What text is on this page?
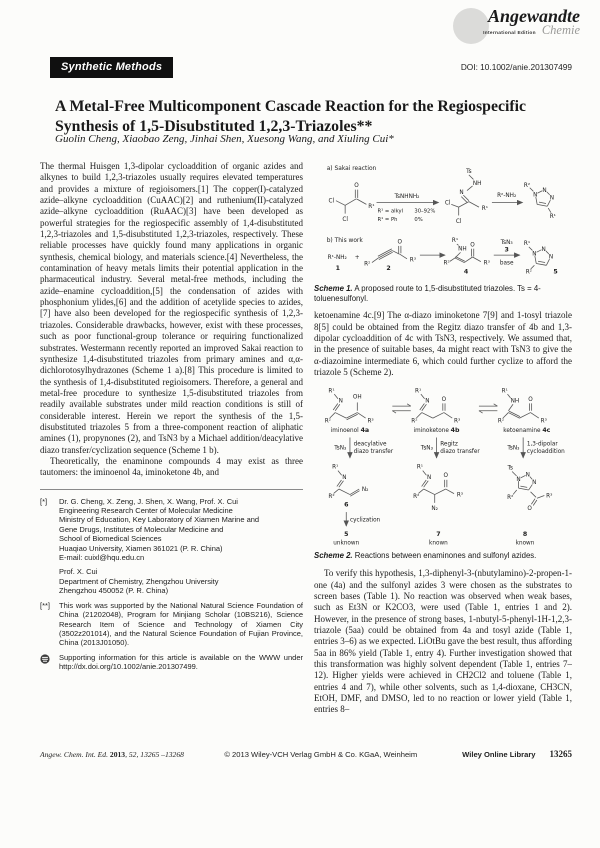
Angewandte
International Edition Chemie
Synthetic Methods	DOI: 10.1002/anie.201307499
A Metal-Free Multicomponent Cascade Reaction for the Regiospecific
Synthesis of 1,5-Disubstituted 1,2,3-Triazoles**
Guolin Cheng, Xiaobao Zeng, Jinhai Shen, Xuesong Wang, and Xiuling Cui*

The thermal Huisgen 1,3-dipolar cycloaddition of organic azides and alkynes to build 1,2,3-triazoles usually requires elevated temperatures and provides a mixture of regioisomers.[1] The copper(I)-catalyzed azide–alkyne cycloaddition (CuAAC)[2] and ruthenium(II)-catalyzed azide–alkyne cycloaddition (RuAAC)[3] have been developed as powerful strategies for the regiospecific assembly of 1,4-disubstituted 1,2,3-triazoles and 1,5-disubstituted 1,2,3-triazoles, respectively. These reliable processes have quickly found many applications in organic synthesis, chemical biology, and materials science.[4] Nevertheless, the contamination of heavy metals limits their potential application in the pharmaceutical industry. Several metal-free methods, including the azide–enamine cycloaddition,[5] the condensation of azides with phosphonium ylides,[6] and the addition of acetylide species to azides,[7] have also been developed for the regiospecific synthesis of 1,2,3-triazoles. Considerable drawbacks, however, exist with these processes, such as poor functional-group tolerance or requiring functionalized substrates. Westermann recently reported an improved Sakai reaction to synthesize 1,4-disubstituted triazoles from primary amines and α,α-dichlorotosylhydrazones (Scheme 1 a).[8] This procedure is limited to the synthesis of 1,4-disubstituted regioisomers. Therefore, a general and metal-free procedure to synthesize 1,5-disubstituted triazoles from readily available substrates under mild reaction conditions is still of considerable interest. Herein we report the synthesis of the 1,5-disubstituted triazoles 5 from a three-component reaction of aliphatic amines (1), propynones (2), and TsN3 by a Michael addition/deacylative diazo transfer/cyclization sequence (Scheme 1 b).

Theoretically, the enaminone compounds 4 may exist as three tautomers: the iminoenol 4a, iminoketone 4b, and

[*]	Dr. G. Cheng, X. Zeng, J. Shen, X. Wang, Prof. X. Cui
Engineering Research Center of Molecular Medicine
Ministry of Education, Key Laboratory of Xiamen Marine and
Gene Drugs, Institutes of Molecular Medicine and
School of Biomedical Sciences
Huaqiao University, Xiamen 361021 (P. R. China)
E-mail: cuixl@hqu.edu.cn
Prof. X. Cui
Department of Chemistry, Zhengzhou University
Zhengzhou 450052 (P. R. China)
[**]	This work was supported by the National Natural Science Foundation of China (21202048), Program for Minjiang Scholar (10BS216), Science Research Item of Science and Technology of Xiamen City (3502z201014), and the Natural Science Foundation of Fujian Province, China (2013J01050).
Supporting information for this article is available on the WWW under http://dx.doi.org/10.1002/anie.201307499.
a) Sakai reaction
Cl
Cl
O
R¹
TsNHNH₂
R¹ = alkyl 30–92%
R¹ = Ph	0%
Ts
NH
N
Cl
Cl
R¹
R²-NH₂	N
N
N
R²
R¹
b) This work
R¹-NH₂
1
+
R²
O
R³
2
R¹
NH
R²
O
R³
4
TsN₃
3
base
N
N
N
R¹
R²	5
Scheme 1. A proposed route to 1,5-disubstituted triazoles. Ts = 4-toluenesulfonyl.

ketoenamine 4c.[9] The α-diazo iminoketone 7[9] and 1-tosyl triazole 8[5] could be obtained from the Regitz diazo transfer of 4b and 1,3-dipolar cycloaddition of 4c with TsN3, respectively. We assumed that, in the presence of suitable bases, 4a might react with TsN3 to give the α-diazoimine intermediate 6, which could further cyclize to afford the triazole 5 (Scheme 2).

R¹
N
OH
R²	R³
iminoenol 4a
R¹
N O
R²	R³
iminoketone 4b
R¹
NH O
R²	R³
ketoenamine 4c
TsN₃
deacylative
diazo transfer
TsN₃
Regitz
diazo transfer
TsN₃
1,3-dipolar
cycloaddition
R¹
N
R²
N₂
6
cyclization
5
unknown
R¹
N
R²
N₂
O
R³
7
known
Ts
N
N
N
R²
O
R³
8
known
Scheme 2. Reactions between enaminones and sulfonyl azides.

To verify this hypothesis, 1,3-diphenyl-3-(nbutylamino)-2-propen-1-one (4a) and the sulfonyl azides 3 were chosen as the substrates to screen bases (Table 1). No reaction was observed when weak bases, such as Et3N or K2CO3, were used (Table 1, entries 1 and 2). However, in the presence of strong bases, 1-nbutyl-5-phenyl-1H-1,2,3-triazole (5aa) could be obtained from 4a and tosyl azide (Table 1, entries 3–6) as we expected. LiOtBu gave the best result, thus affording 5aa in 86% yield (Table 1, entry 4). Further investigation showed that this transformation was highly solvent dependent (Table 1, entries 7–12). Higher yields were achieved in CH2Cl2 and toluene (Table 1, entries 4 and 7), while other solvents, such as 1,4-dioxane, CH3CN, EtOH, DMF, and DMSO, led to no reaction or lower yield (Table 1, entries 8–

Angew. Chem. Int. Ed. 2013, 52, 13265 –13268	© 2013 Wiley-VCH Verlag GmbH & Co. KGaA, Weinheim	Wiley Online Library 13265
